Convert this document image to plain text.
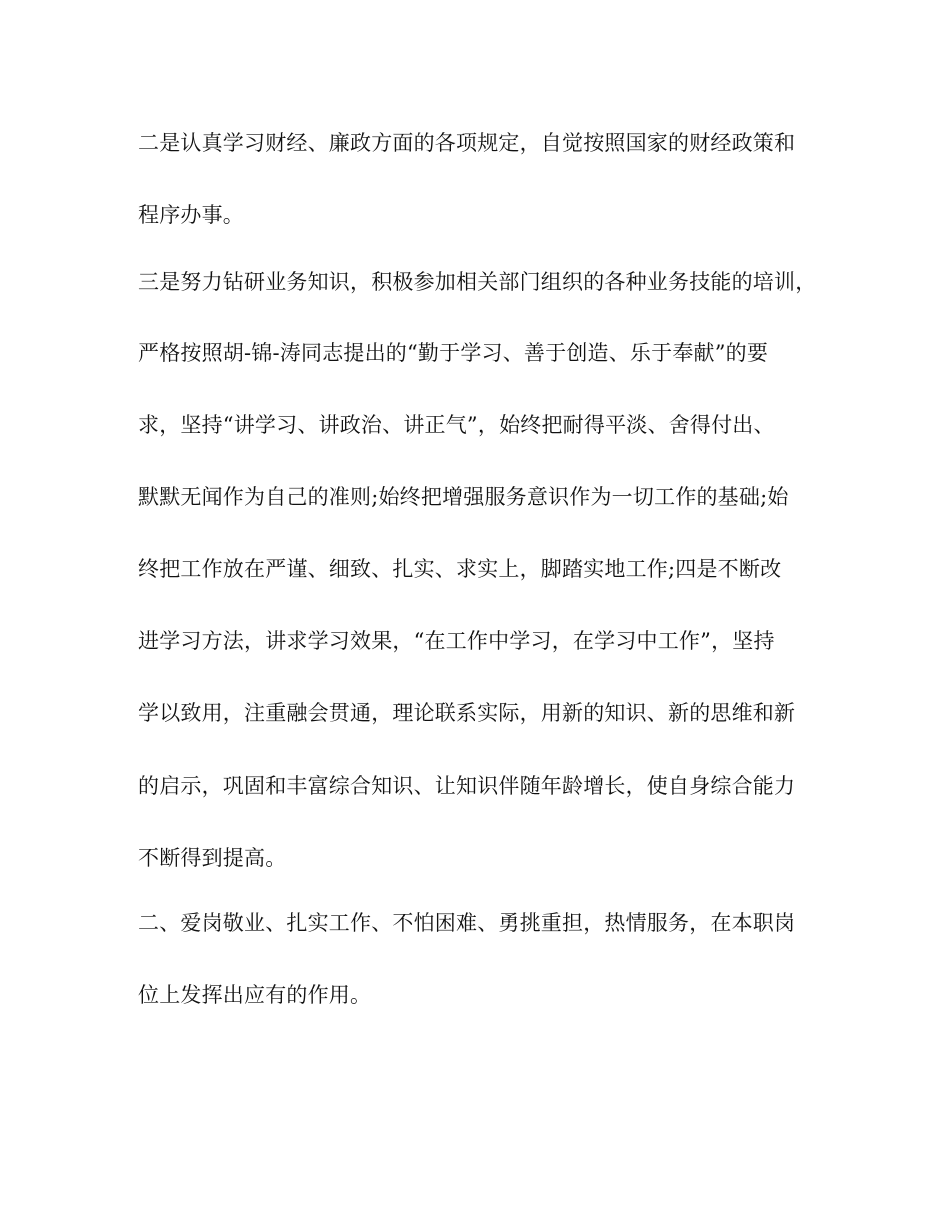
二是认真学习财经、廉政方面的各项规定，自觉按照国家的财经政策和
程序办事。
三是努力钻研业务知识，积极参加相关部门组织的各种业务技能的培训，
严格按照胡-锦-涛同志提出的“勤于学习、善于创造、乐于奉献”的要
求，坚持“讲学习、讲政治、讲正气”，始终把耐得平淡、舍得付出、
默默无闻作为自己的准则;始终把增强服务意识作为一切工作的基础;始
终把工作放在严谨、细致、扎实、求实上，脚踏实地工作;四是不断改
进学习方法，讲求学习效果，“在工作中学习，在学习中工作”，坚持
学以致用，注重融会贯通，理论联系实际，用新的知识、新的思维和新
的启示，巩固和丰富综合知识、让知识伴随年龄增长，使自身综合能力
不断得到提高。
二、爱岗敬业、扎实工作、不怕困难、勇挑重担，热情服务，在本职岗
位上发挥出应有的作用。
